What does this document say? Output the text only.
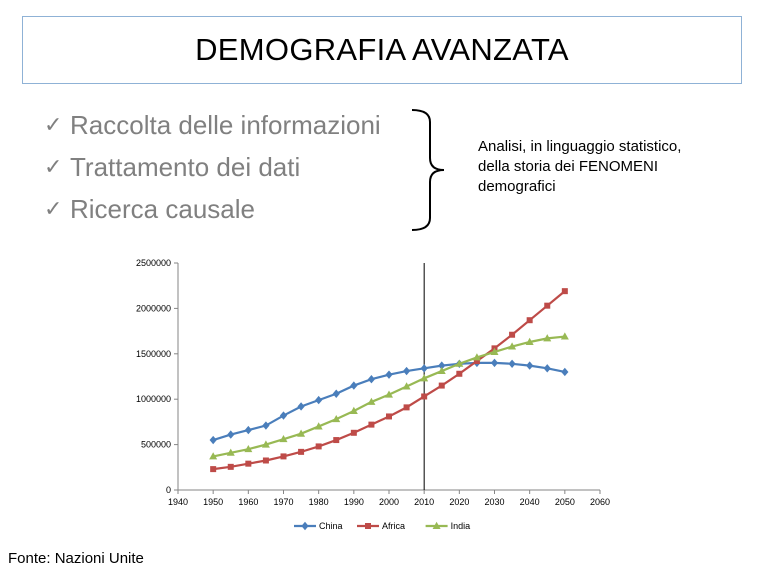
DEMOGRAFIA AVANZATA
✓ Raccolta delle informazioni
✓ Trattamento dei dati
✓ Ricerca causale
Analisi, in linguaggio statistico,
della storia dei FENOMENI
demografici
0
500000
1000000
1500000
2000000
2500000
1940 1950 1960 1970 1980 1990 2000 2010 2020 2030 2040 2050 2060
China	Africa	India
Fonte: Nazioni Unite
